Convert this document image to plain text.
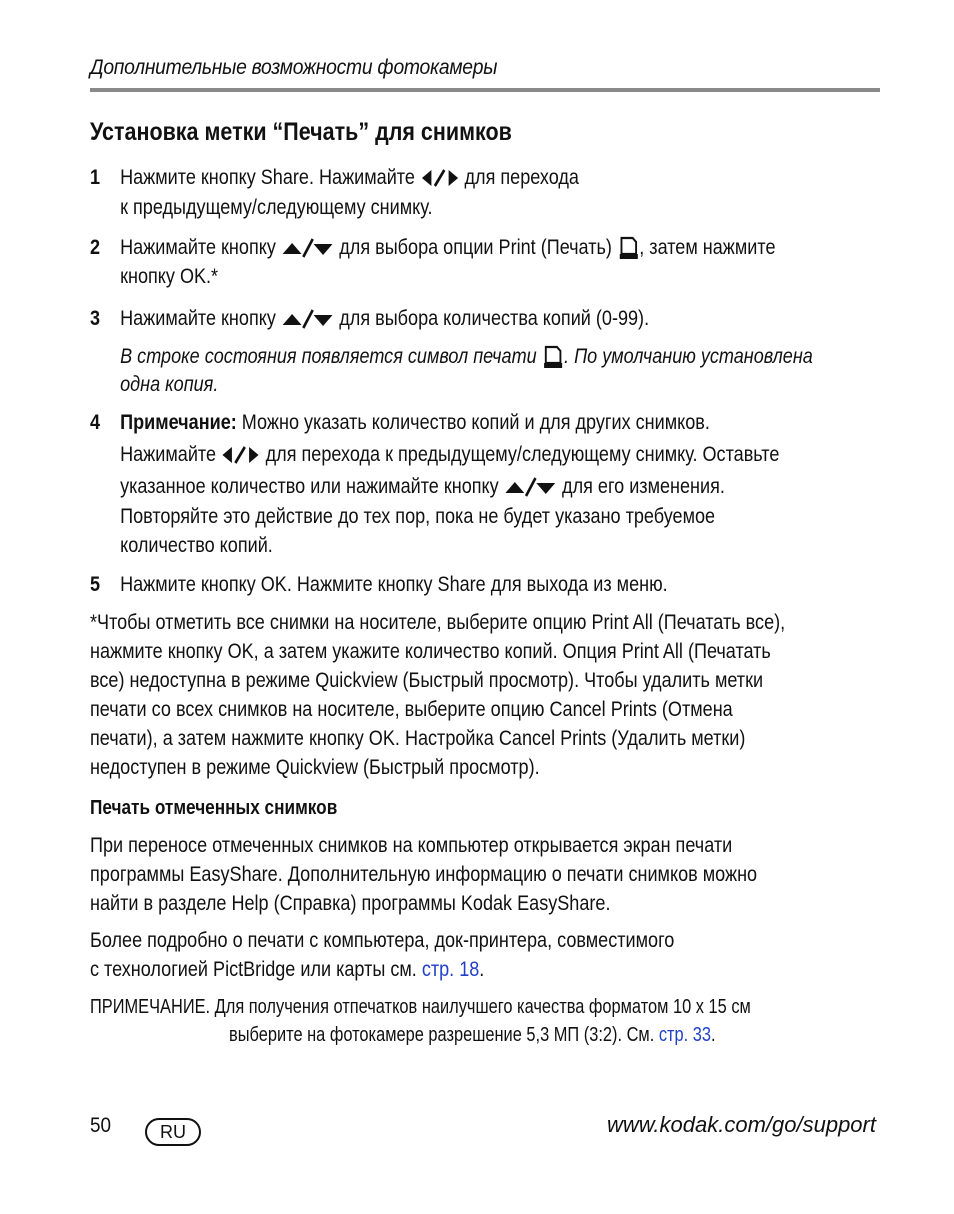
Дополнительные возможности фотокамеры
Установка метки “Печать” для снимков
1 Нажмите кнопку Share. Нажимайте для перехода
к предыдущему/следующему снимку.
2 Нажимайте кнопку	для выбора опции Print (Печать) , затем нажмите
кнопку OK.*
3 Нажимайте кнопку	для выбора количества копий (0-99).
В строке состояния появляется символ печати . По умолчанию установлена
одна копия.
4 Примечание: Можно указать количество копий и для других снимков.
Нажимайте для перехода к предыдущему/следующему снимку. Оставьте
указанное количество или нажимайте кнопку	для его изменения.
Повторяйте это действие до тех пор, пока не будет указано требуемое
количество копий.
5 Нажмите кнопку OK. Нажмите кнопку Share для выхода из меню.
*Чтобы отметить все снимки на носителе, выберите опцию Print All (Печатать все),
нажмите кнопку OK, а затем укажите количество копий. Опция Print All (Печатать
все) недоступна в режиме Quickview (Быстрый просмотр). Чтобы удалить метки
печати со всех снимков на носителе, выберите опцию Cancel Prints (Отмена
печати), а затем нажмите кнопку OK. Настройка Cancel Prints (Удалить метки)
недоступен в режиме Quickview (Быстрый просмотр).
Печать отмеченных снимков
При переносе отмеченных снимков на компьютер открывается экран печати
программы EasyShare. Дополнительную информацию о печати снимков можно
найти в разделе Help (Справка) программы Kodak EasyShare.
Более подробно о печати с компьютера, док-принтера, совместимого
с технологией PictBridge или карты см. стр. 18.
ПРИМЕЧАНИЕ. Для получения отпечатков наилучшего качества форматом 10 x 15 см
выберите на фотокамере разрешение 5,3 МП (3:2). См. стр. 33.
50	RU	www.kodak.com/go/support
